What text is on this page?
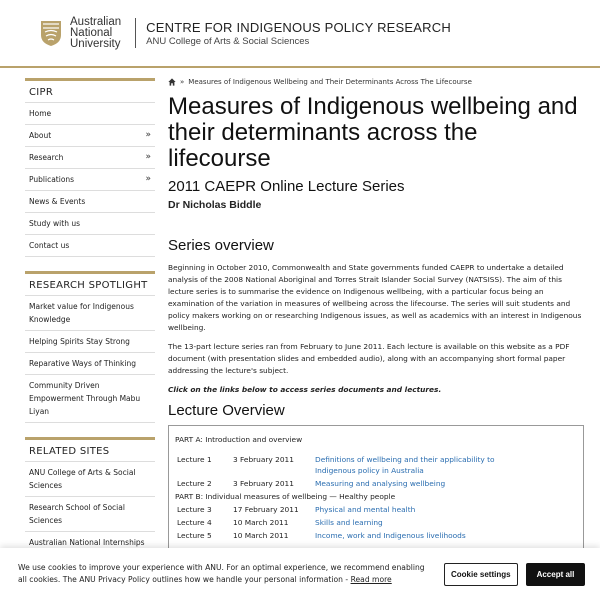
Australian
National
University
CENTRE FOR INDIGENOUS POLICY RESEARCH
ANU College of Arts & Social Sciences
CIPR
Home
About	»
Research	»
Publications	»
News & Events
Study with us
Contact us
RESEARCH SPOTLIGHT
Market value for Indigenous Knowledge
Helping Spirits Stay Strong
Reparative Ways of Thinking
Community Driven Empowerment Through Mabu Liyan
RELATED SITES
ANU College of Arts & Social Sciences
Research School of Social Sciences
Australian National Internships
» Measures of Indigenous Wellbeing and Their Determinants Across The Lifecourse
Measures of Indigenous wellbeing and their determinants across the lifecourse
2011 CAEPR Online Lecture Series
Dr Nicholas Biddle
Series overview

Beginning in October 2010, Commonwealth and State governments funded CAEPR to undertake a detailed analysis of the 2008 National Aboriginal and Torres Strait Islander Social Survey (NATSISS). The aim of this lecture series is to summarise the evidence on Indigenous wellbeing, with a particular focus being an examination of the variation in measures of wellbeing across the lifecourse. The series will suit students and policy makers working on or researching Indigenous issues, as well as academics with an interest in Indigenous wellbeing.

The 13-part lecture series ran from February to June 2011. Each lecture is available on this website as a PDF document (with presentation slides and embedded audio), along with an accompanying short formal paper addressing the lecture's subject.

Click on the links below to access series documents and lectures.

Lecture Overview
PART A: Introduction and overview
Lecture 1	3 February 2011	Definitions of wellbeing and their applicability to Indigenous policy in Australia
Lecture 2	3 February 2011	Measuring and analysing wellbeing
PART B: Individual measures of wellbeing — Healthy people
Lecture 3	17 February 2011	Physical and mental health
Lecture 4	10 March 2011	Skills and learning
Lecture 5	10 March 2011	Income, work and Indigenous livelihoods
We use cookies to improve your experience with ANU. For an optimal experience, we recommend enabling all cookies. The ANU Privacy Policy outlines how we handle your personal information - Read more
Cookie settings	Accept all
